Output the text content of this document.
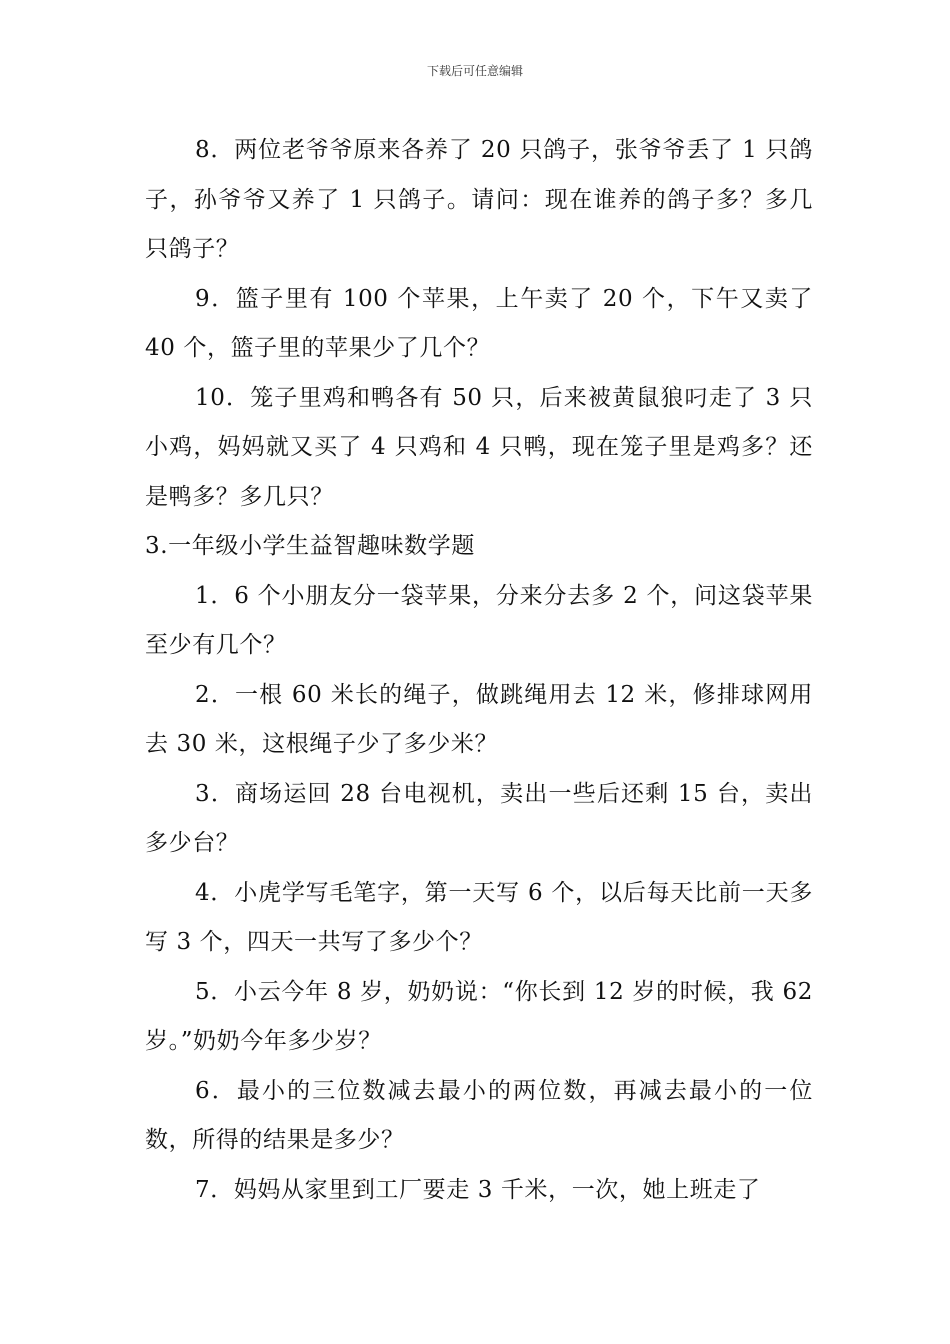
下载后可任意编辑

8．两位老爷爷原来各养了 20 只鸽子，张爷爷丢了 1 只鸽子，孙爷爷又养了 1 只鸽子。请问：现在谁养的鸽子多？多几只鸽子？

9．篮子里有 100 个苹果，上午卖了 20 个，下午又卖了 40 个，篮子里的苹果少了几个？

10．笼子里鸡和鸭各有 50 只，后来被黄鼠狼叼走了 3 只小鸡，妈妈就又买了 4 只鸡和 4 只鸭，现在笼子里是鸡多？还是鸭多？多几只？

3.一年级小学生益智趣味数学题

1．6 个小朋友分一袋苹果，分来分去多 2 个，问这袋苹果至少有几个？

2．一根 60 米长的绳子，做跳绳用去 12 米，修排球网用去 30 米，这根绳子少了多少米？

3．商场运回 28 台电视机，卖出一些后还剩 15 台，卖出多少台？

4．小虎学写毛笔字，第一天写 6 个，以后每天比前一天多写 3 个，四天一共写了多少个？

5．小云今年 8 岁，奶奶说：“你长到 12 岁的时候，我 62 岁。”奶奶今年多少岁？

6．最小的三位数减去最小的两位数，再减去最小的一位数，所得的结果是多少？

7．妈妈从家里到工厂要走 3 千米，一次，她上班走了
